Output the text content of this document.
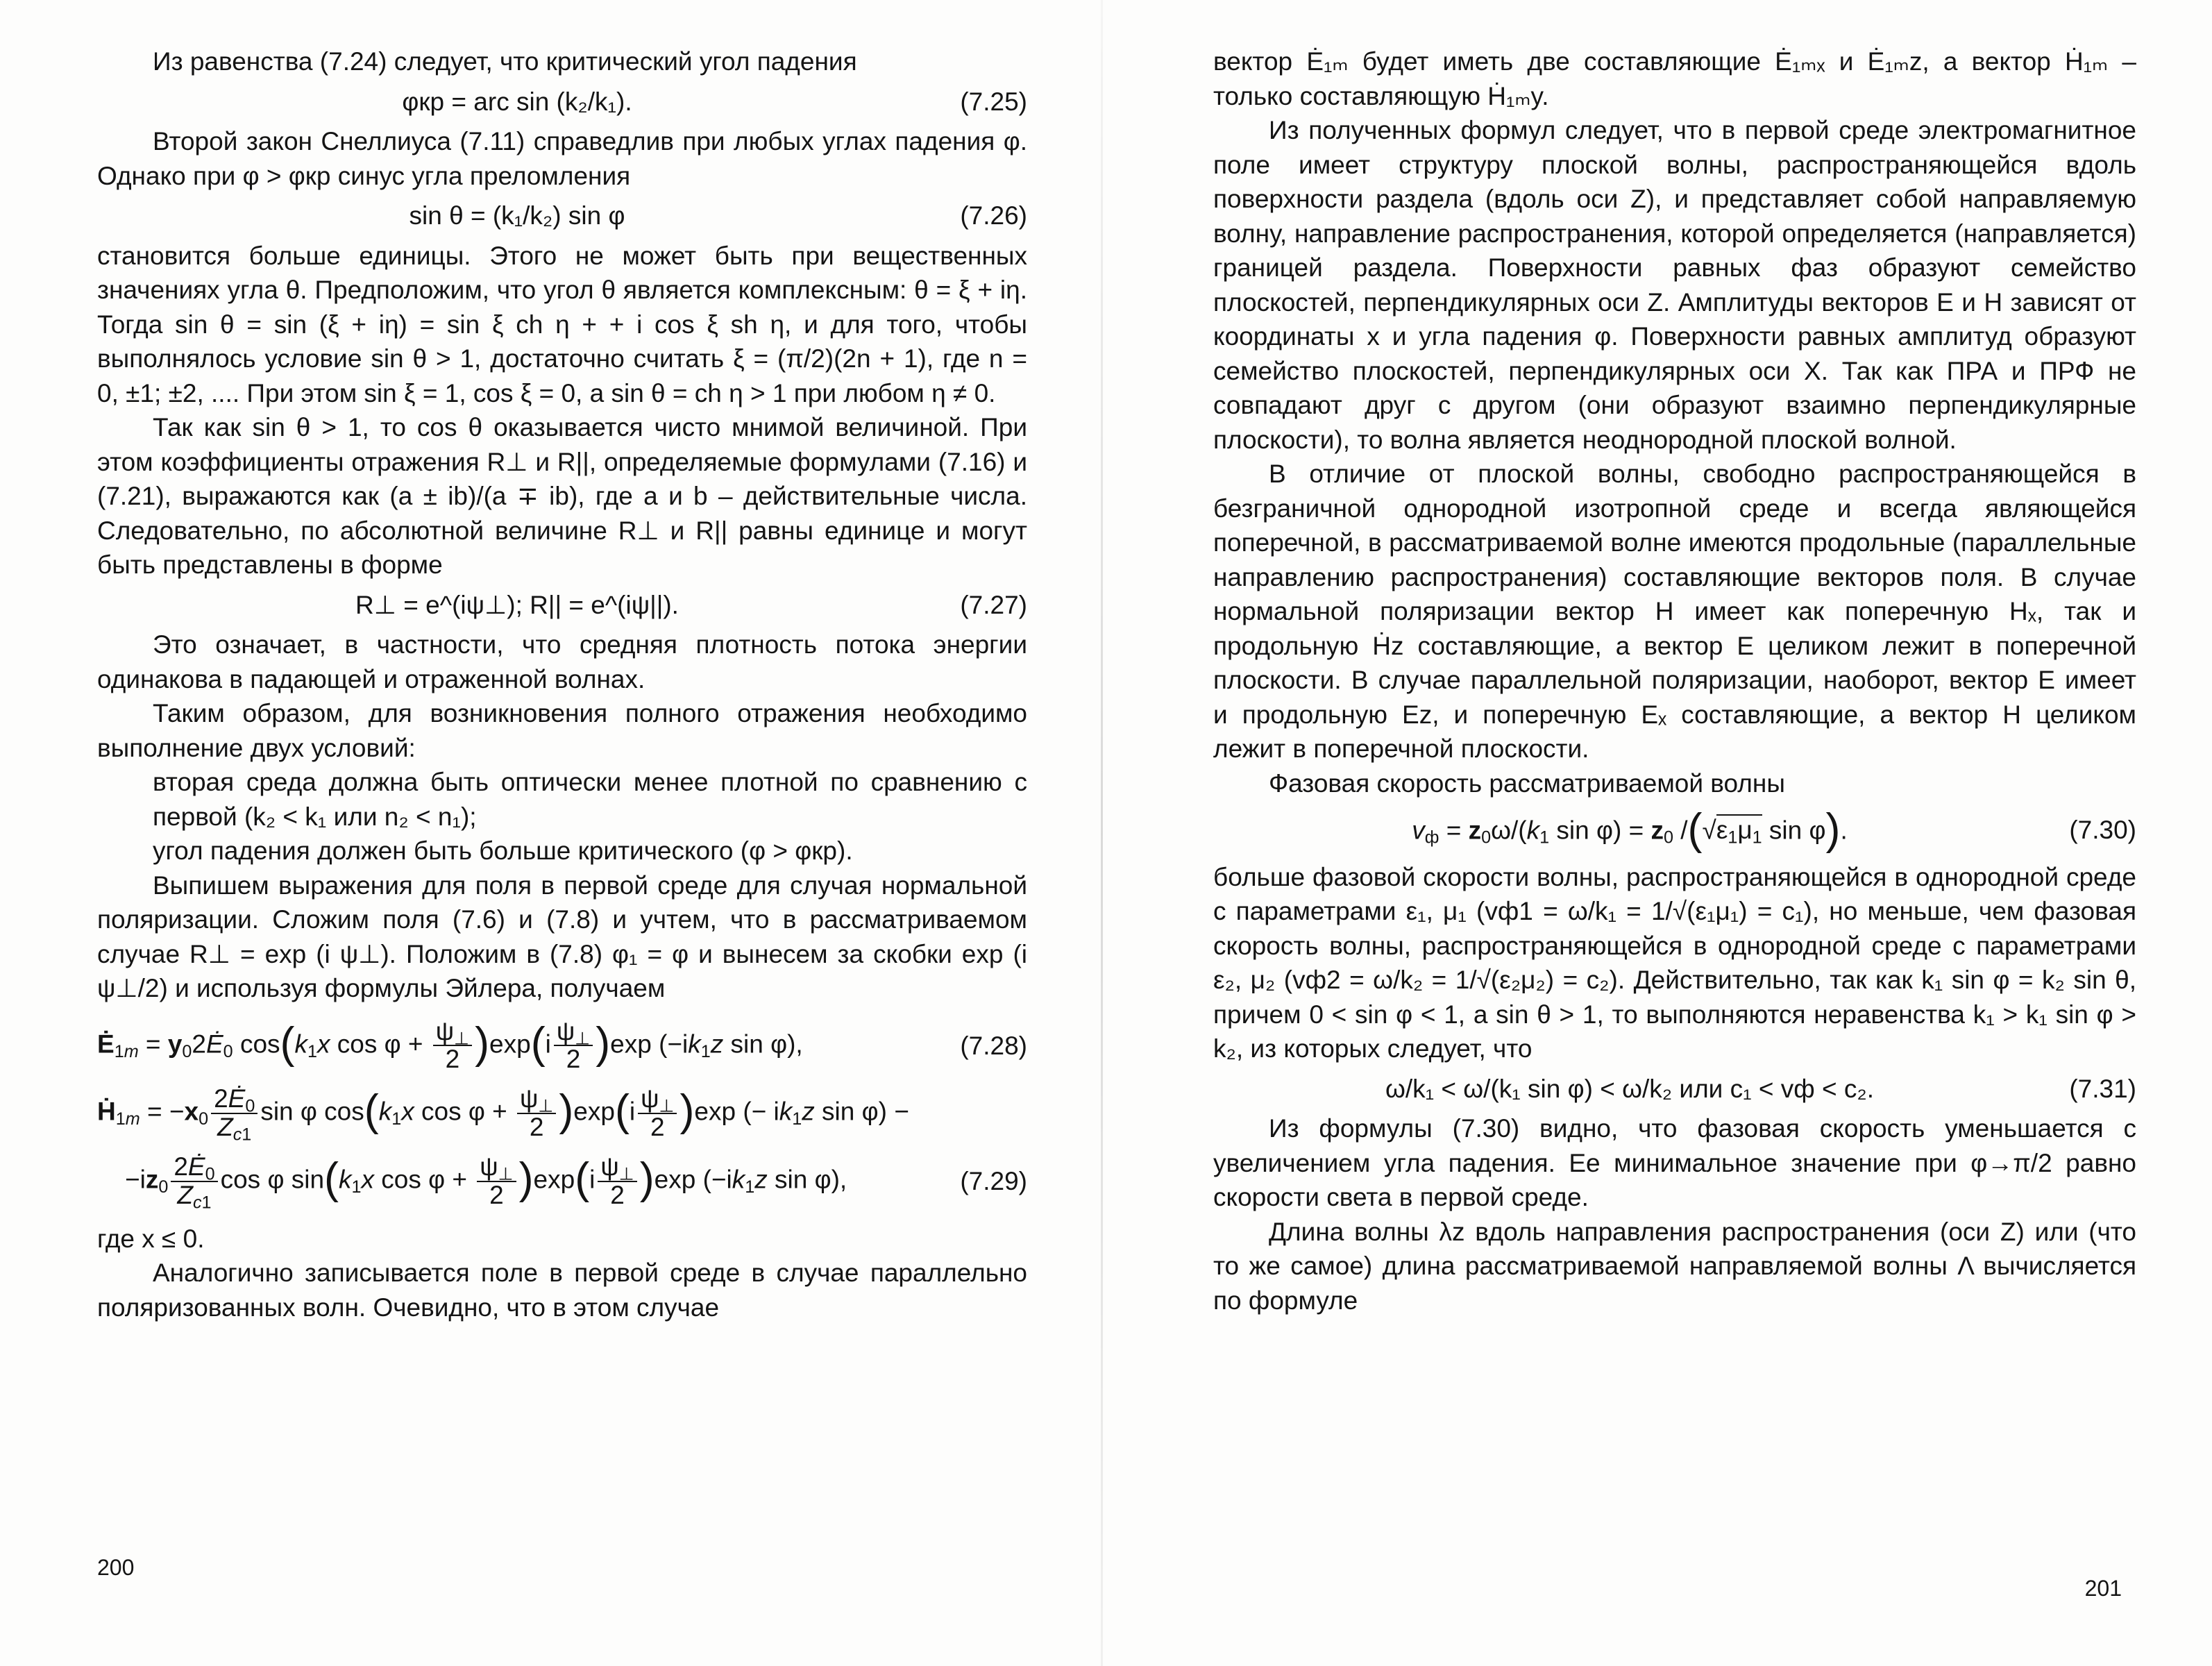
Из равенства (7.24) следует, что критический угол падения

φкр = arc sin (k₂/k₁).	(7.25)

Второй закон Снеллиуса (7.11) справедлив при любых углах падения φ. Однако при φ > φкр синус угла преломления

sin θ = (k₁/k₂) sin φ	(7.26)

становится больше единицы. Этого не может быть при вещественных значениях угла θ. Предположим, что угол θ является комплексным: θ = ξ + iη. Тогда sin θ = sin (ξ + iη) = sin ξ ch η + + i cos ξ sh η, и для того, чтобы выполнялось условие sin θ > 1, достаточно считать ξ = (π/2)(2n + 1), где n = 0, ±1; ±2, .... При этом sin ξ = 1, cos ξ = 0, а sin θ = ch η > 1 при любом η ≠ 0.

Так как sin θ > 1, то cos θ оказывается чисто мнимой величиной. При этом коэффициенты отражения R⊥ и R||, определяемые формулами (7.16) и (7.21), выражаются как (a ± ib)/(a ∓ ib), где a и b – действительные числа. Следовательно, по абсолютной величине R⊥ и R|| равны единице и могут быть представлены в форме

R⊥ = e^(iψ⊥); R|| = e^(iψ||).	(7.27)

Это означает, в частности, что средняя плотность потока энергии одинакова в падающей и отраженной волнах.

Таким образом, для возникновения полного отражения необходимо выполнение двух условий:

вторая среда должна быть оптически менее плотной по сравнению с первой (k₂ < k₁ или n₂ < n₁);

угол падения должен быть больше критического (φ > φкр).

Выпишем выражения для поля в первой среде для случая нормальной поляризации. Сложим поля (7.6) и (7.8) и учтем, что в рассматриваемом случае R⊥ = exp (i ψ⊥). Положим в (7.8) φ₁ = φ и вынесем за скобки exp (i ψ⊥/2) и используя формулы Эйлера, получаем

$Ė_{1m}$ = $y_02Ė_0$ $\cos(k_1x$ $\cos \varphi + \frac{\psi_\perp}{2} )\exp(i \frac{\psi_\perp}{2} )\exp$ ($-ik_1z$ sin φ),	(7.28)
Ḣ$_{1m}$ = $-x_0 \frac{2Ė_0}{Z_{c1}}$ sin φ $\cos(k_1x$ $\cos \varphi + \frac{\psi_\perp}{2} )\exp(i \frac{\psi_\perp}{2} )\exp$ (− $ik_1z$ sin φ) −
$-iz_0 \frac{2Ė_0}{Z_{c1}}$ cos φ $\sin(k_1x$ $\cos \varphi + \frac{\psi_\perp}{2} )\exp(i \frac{\psi_\perp}{2} )\exp$ ($-ik_1z$ sin φ),	(7.29)

где x ≤ 0.

Аналогично записывается поле в первой среде в случае параллельно поляризованных волн. Очевидно, что в этом случае

200

вектор Ė₁ₘ будет иметь две составляющие Ė₁ₘₓ и Ė₁ₘz, а вектор Ḣ₁ₘ – только составляющую Ḣ₁ₘy.

Из полученных формул следует, что в первой среде электромагнитное поле имеет структуру плоской волны, распространяющейся вдоль поверхности раздела (вдоль оси Z), и представляет собой направляемую волну, направление распространения, которой определяется (направляется) границей раздела. Поверхности равных фаз образуют семейство плоскостей, перпендикулярных оси Z. Амплитуды векторов E и H зависят от координаты x и угла падения φ. Поверхности равных амплитуд образуют семейство плоскостей, перпендикулярных оси X. Так как ПРА и ПРФ не совпадают друг с другом (они образуют взаимно перпендикулярные плоскости), то волна является неоднородной плоской волной.

В отличие от плоской волны, свободно распространяющейся в безграничной однородной изотропной среде и всегда являющейся поперечной, в рассматриваемой волне имеются продольные (параллельные направлению распространения) составляющие векторов поля. В случае нормальной поляризации вектор H имеет как поперечную Hₓ, так и продольную Ḣz составляющие, а вектор E целиком лежит в поперечной плоскости. В случае параллельной поляризации, наоборот, вектор E имеет и продольную Ez, и поперечную Eₓ составляющие, а вектор H целиком лежит в поперечной плоскости.

Фазовая скорость рассматриваемой волны

$v_ф = z_0\omega/(k_1$ $\sin \varphi) = z_0$ $/(√\varepsilon_1\mu_1$ sin φ).	(7.30)

больше фазовой скорости волны, распространяющейся в однородной среде с параметрами ε₁, μ₁ (vф1 = ω/k₁ = 1/√(ε₁μ₁) = c₁), но меньше, чем фазовая скорость волны, распространяющейся в однородной среде с параметрами ε₂, μ₂ (vф2 = ω/k₂ = 1/√(ε₂μ₂) = c₂). Действительно, так как k₁ sin φ = k₂ sin θ, причем 0 < sin φ < 1, а sin θ > 1, то выполняются неравенства k₁ > k₁ sin φ > k₂, из которых следует, что

ω/k₁ < ω/(k₁ sin φ) < ω/k₂ или c₁ < vф < c₂.	(7.31)

Из формулы (7.30) видно, что фазовая скорость уменьшается с увеличением угла падения. Ее минимальное значение при φ→π/2 равно скорости света в первой среде.

Длина волны λz вдоль направления распространения (оси Z) или (что то же самое) длина рассматриваемой направляемой волны Λ вычисляется по формуле

201
